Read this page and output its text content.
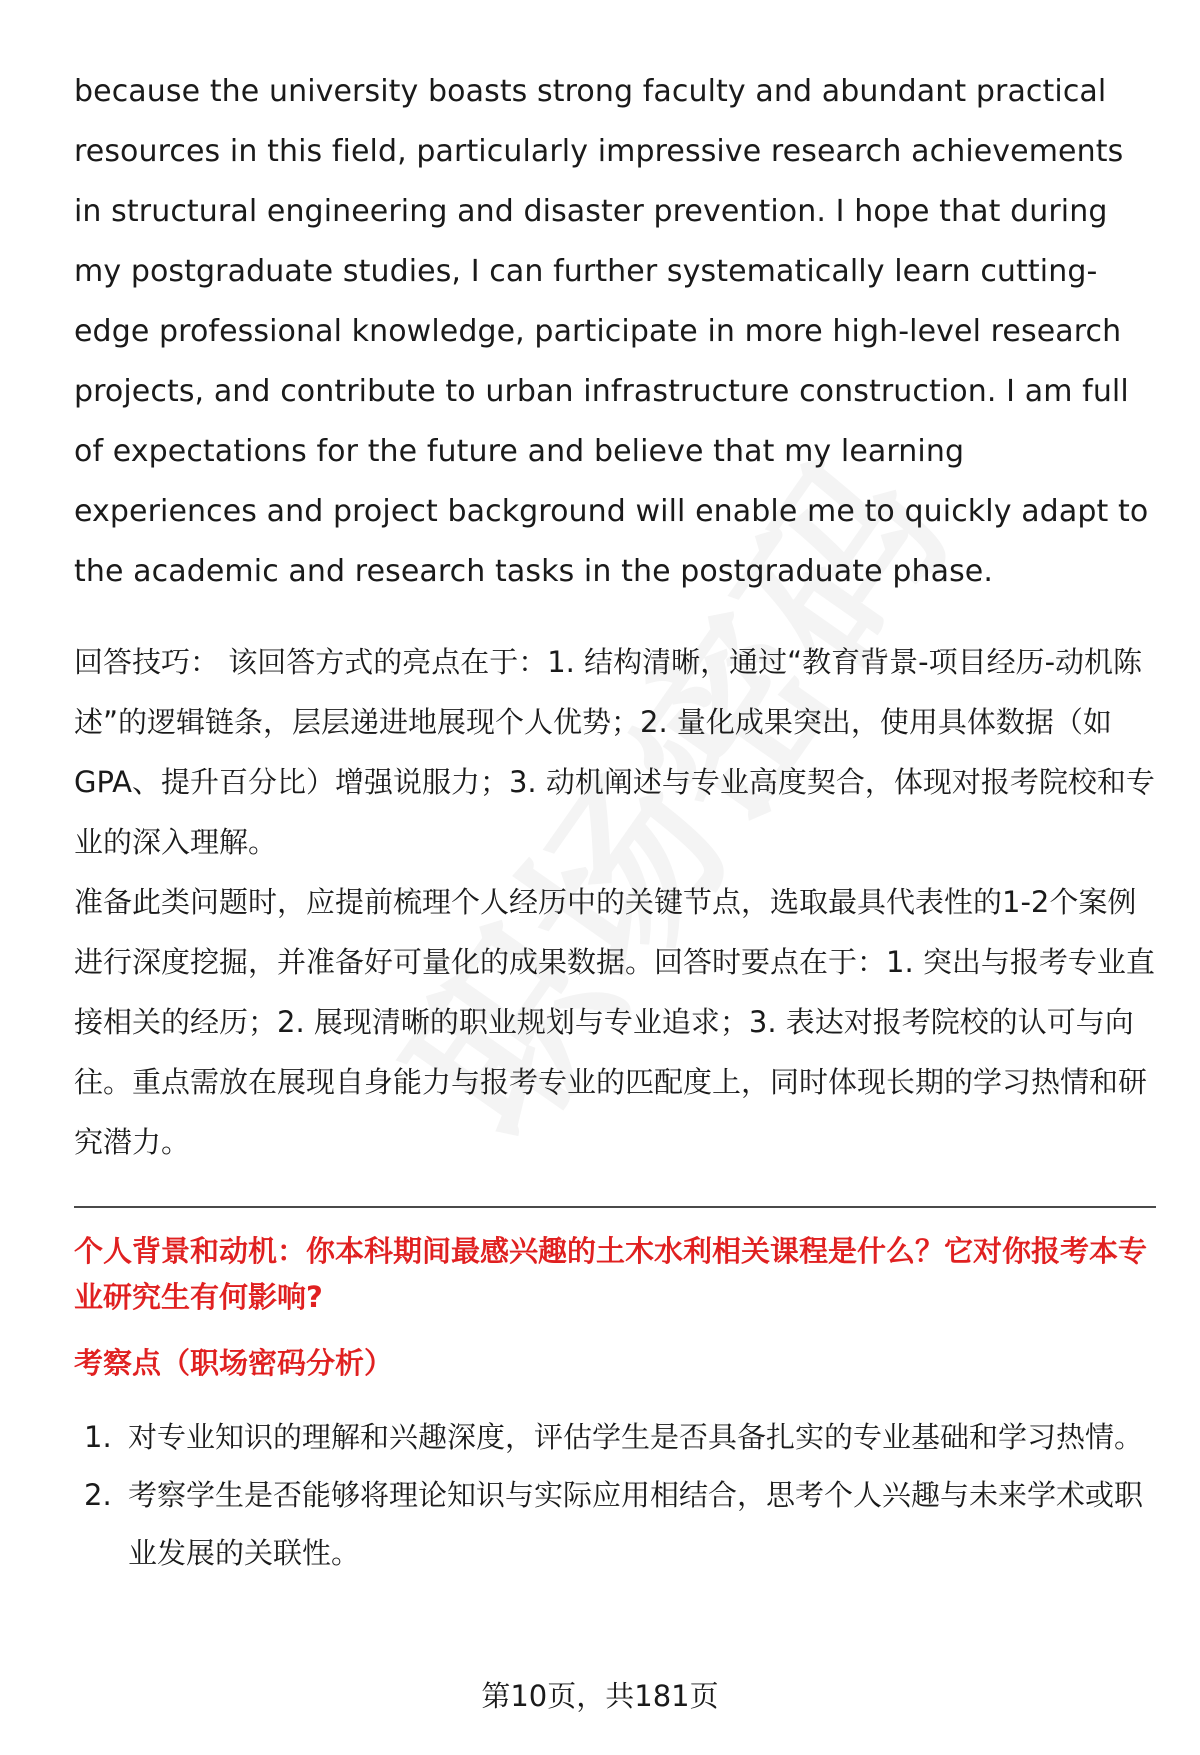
because the university boasts strong faculty and abundant practical resources in this field, particularly impressive research achievements in structural engineering and disaster prevention. I hope that during my postgraduate studies, I can further systematically learn cutting-edge professional knowledge, participate in more high-level research projects, and contribute to urban infrastructure construction. I am full of expectations for the future and believe that my learning experiences and project background will enable me to quickly adapt to the academic and research tasks in the postgraduate phase.

回答技巧： 该回答方式的亮点在于：1. 结构清晰，通过“教育背景-项目经历-动机陈述”的逻辑链条，层层递进地展现个人优势；2. 量化成果突出，使用具体数据（如GPA、提升百分比）增强说服力；3. 动机阐述与专业高度契合，体现对报考院校和专业的深入理解。

准备此类问题时，应提前梳理个人经历中的关键节点，选取最具代表性的1-2个案例进行深度挖掘，并准备好可量化的成果数据。回答时要点在于：1. 突出与报考专业直接相关的经历；2. 展现清晰的职业规划与专业追求；3. 表达对报考院校的认可与向往。重点需放在展现自身能力与报考专业的匹配度上，同时体现长期的学习热情和研究潜力。

个人背景和动机：你本科期间最感兴趣的土木水利相关课程是什么？它对你报考本专业研究生有何影响?
考察点（职场密码分析）
1. 对专业知识的理解和兴趣深度，评估学生是否具备扎实的专业基础和学习热情。
2. 考察学生是否能够将理论知识与实际应用相结合，思考个人兴趣与未来学术或职业发展的关联性。
第10页，共181页
